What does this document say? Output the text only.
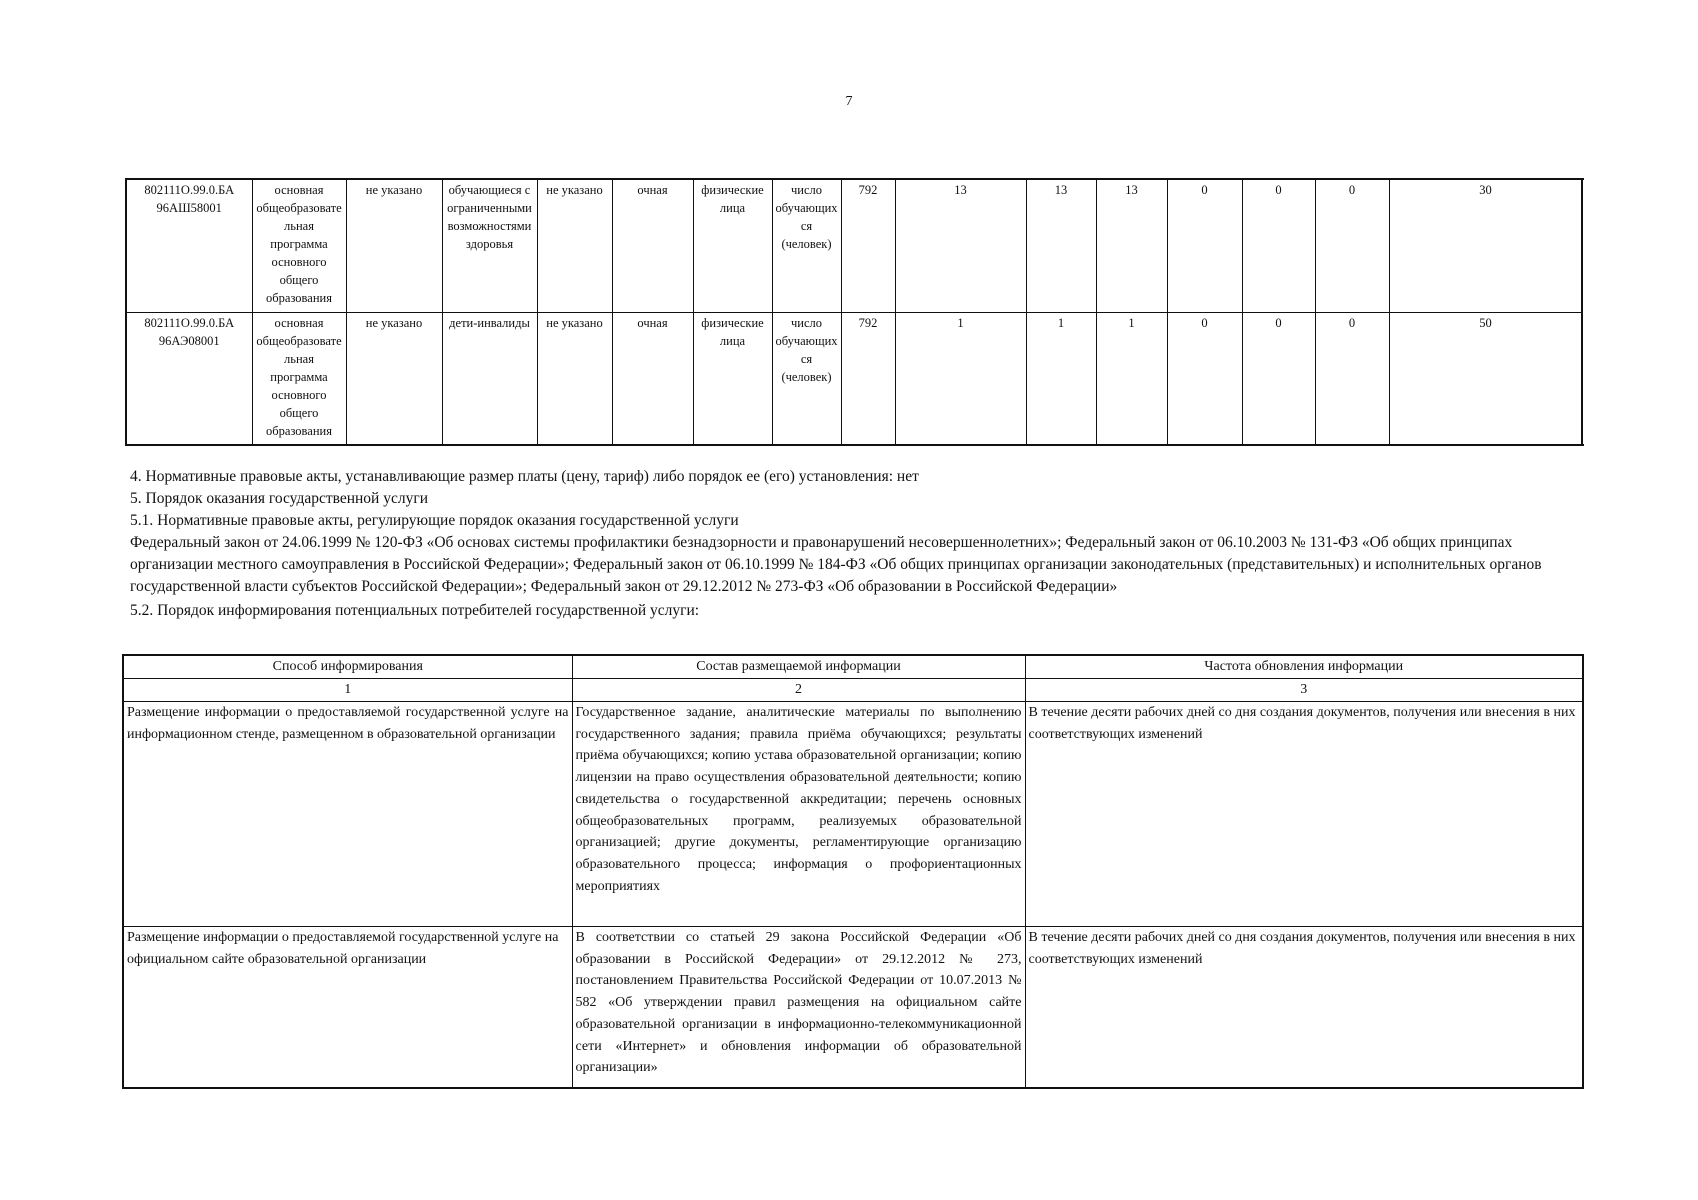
7
802111О.99.0.БА 96АШ58001	основная общеобразовательная программа основного общего образования	не указано	обучающиеся с ограниченными возможностями здоровья	не указано	очная	физические лица	число обучающихся (человек)	792	13	13	13	0	0	0	30	
802111О.99.0.БА 96АЭ08001	основная общеобразовательная программа основного общего образования	не указано	дети-инвалиды	не указано	очная	физические лица	число обучающихся (человек)	792	1	1	1	0	0	0	50	

4. Нормативные правовые акты, устанавливающие размер платы (цену, тариф) либо порядок ее (его) установления: нет

5. Порядок оказания государственной услуги

5.1. Нормативные правовые акты, регулирующие порядок оказания государственной услуги

Федеральный закон от 24.06.1999 № 120-ФЗ «Об основах системы профилактики безнадзорности и правонарушений несовершеннолетних»; Федеральный закон от 06.10.2003 № 131-ФЗ «Об общих принципах организации местного самоуправления в Российской Федерации»; Федеральный закон от 06.10.1999 № 184-ФЗ «Об общих принципах организации законодательных (представительных) и исполнительных органов государственной власти субъектов Российской Федерации»; Федеральный закон от 29.12.2012 № 273-ФЗ «Об образовании в Российской Федерации»

5.2. Порядок информирования потенциальных потребителей государственной услуги:

Способ информирования	Состав размещаемой информации	Частота обновления информации
1	2	3
Размещение информации о предоставляемой государственной услуге на информационном стенде, размещенном в образовательной организации	Государственное задание, аналитические материалы по выполнению государственного задания; правила приёма обучающихся; результаты приёма обучающихся; копию устава образовательной организации; копию лицензии на право осуществления образовательной деятельности; копию свидетельства о государственной аккредитации; перечень основных общеобразовательных программ, реализуемых образовательной организацией; другие документы, регламентирующие организацию образовательного процесса; информация о профориентационных мероприятиях	В течение десяти рабочих дней со дня создания документов, получения или внесения в них соответствующих изменений
Размещение информации о предоставляемой государственной услуге на официальном сайте образовательной организации	В соответствии со статьей 29 закона Российской Федерации «Об образовании в Российской Федерации» от 29.12.2012 № 273, постановлением Правительства Российской Федерации от 10.07.2013 № 582 «Об утверждении правил размещения на официальном сайте образовательной организации в информационно-телекоммуникационной сети «Интернет» и обновления информации об образовательной организации»	В течение десяти рабочих дней со дня создания документов, получения или внесения в них соответствующих изменений
